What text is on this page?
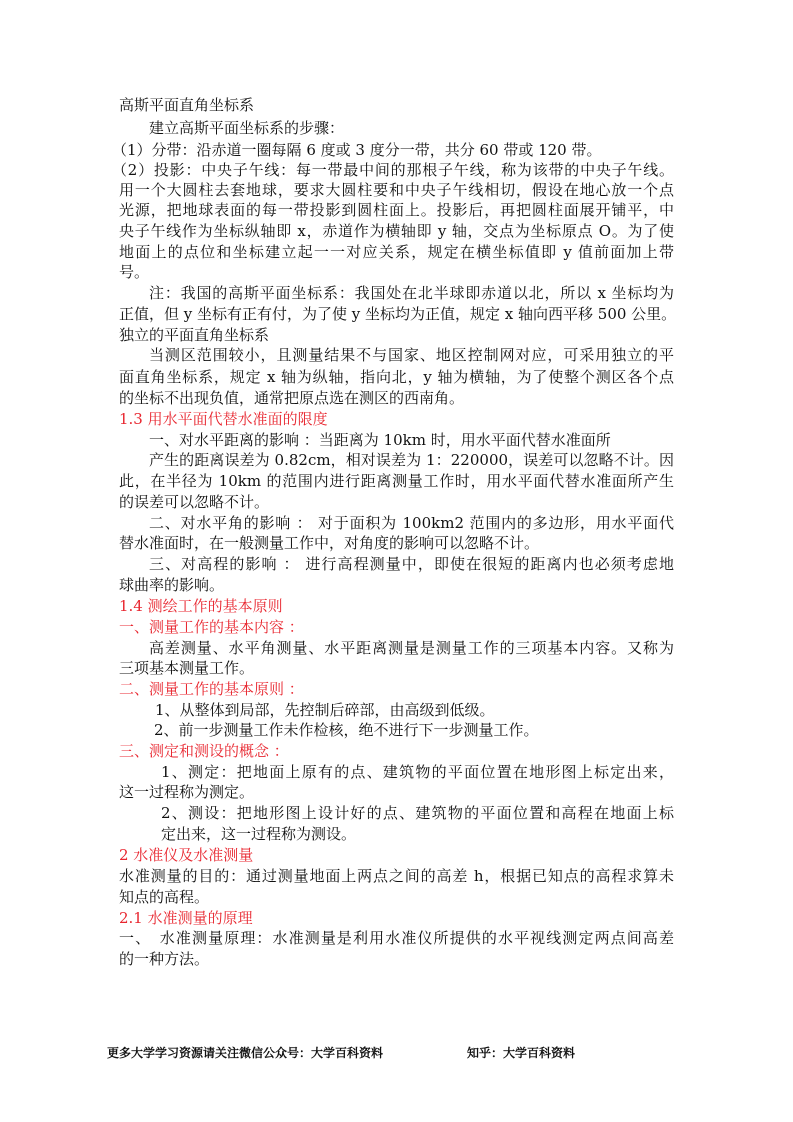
高斯平面直角坐标系
建立高斯平面坐标系的步骤：
（1）分带：沿赤道一圈每隔 6 度或 3 度分一带，共分 60 带或 120 带。
（2）投影：中央子午线：每一带最中间的那根子午线，称为该带的中央子午线。
用一个大圆柱去套地球，要求大圆柱要和中央子午线相切，假设在地心放一个点
光源，把地球表面的每一带投影到圆柱面上。投影后，再把圆柱面展开铺平，中
央子午线作为坐标纵轴即 x，赤道作为横轴即 y 轴，交点为坐标原点 O。为了使
地面上的点位和坐标建立起一一对应关系，规定在横坐标值即 y 值前面加上带
号。
注：我国的高斯平面坐标系：我国处在北半球即赤道以北，所以 x 坐标均为
正值，但 y 坐标有正有付，为了使 y 坐标均为正值，规定 x 轴向西平移 500 公里。
独立的平面直角坐标系
当测区范围较小，且测量结果不与国家、地区控制网对应，可采用独立的平
面直角坐标系，规定 x 轴为纵轴，指向北，y 轴为横轴，为了使整个测区各个点
的坐标不出现负值，通常把原点选在测区的西南角。
1.3 用水平面代替水准面的限度
一、对水平距离的影响 ：当距离为 10km 时，用水平面代替水准面所
产生的距离误差为 0.82cm，相对误差为 1：220000，误差可以忽略不计。因
此，在半径为 10km 的范围内进行距离测量工作时，用水平面代替水准面所产生
的误差可以忽略不计。
二、对水平角的影响 ： 对于面积为 100km2 范围内的多边形，用水平面代
替水准面时，在一般测量工作中，对角度的影响可以忽略不计。
三、对高程的影响 ： 进行高程测量中，即使在很短的距离内也必须考虑地
球曲率的影响。
1.4 测绘工作的基本原则
一、测量工作的基本内容 ：
高差测量、水平角测量、水平距离测量是测量工作的三项基本内容。又称为
三项基本测量工作。
二、测量工作的基本原则 ：
1、从整体到局部，先控制后碎部，由高级到低级。
2、前一步测量工作未作检核，绝不进行下一步测量工作。
三、测定和测设的概念 ：
1、测定：把地面上原有的点、建筑物的平面位置在地形图上标定出来，
这一过程称为测定。
2、测设：把地形图上设计好的点、建筑物的平面位置和高程在地面上标
定出来，这一过程称为测设。
2 水准仪及水准测量
水准测量的目的：通过测量地面上两点之间的高差 h，根据已知点的高程求算未
知点的高程。
2.1 水准测量的原理
一、　水准测量原理：水准测量是利用水准仪所提供的水平视线测定两点间高差
的一种方法。
更多大学学习资源请关注微信公众号：大学百科资料	知乎：大学百科资料
